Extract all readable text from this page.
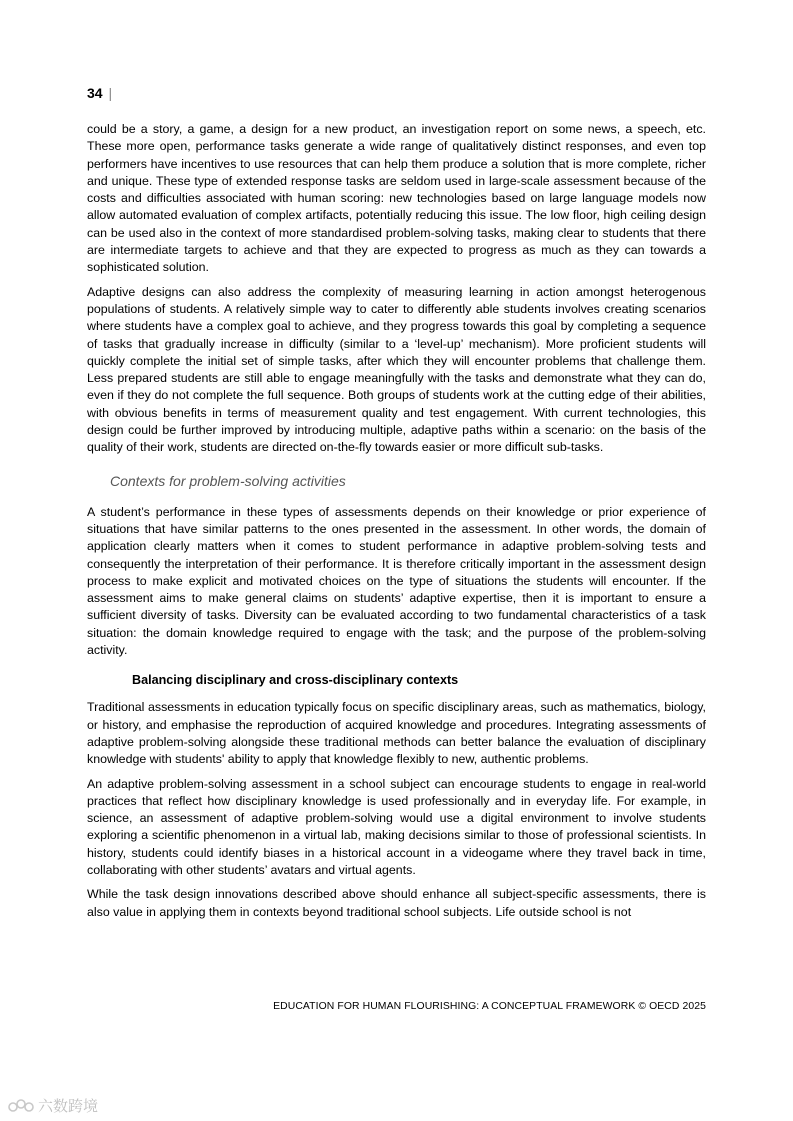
34 |

could be a story, a game, a design for a new product, an investigation report on some news, a speech, etc. These more open, performance tasks generate a wide range of qualitatively distinct responses, and even top performers have incentives to use resources that can help them produce a solution that is more complete, richer and unique. These type of extended response tasks are seldom used in large-scale assessment because of the costs and difficulties associated with human scoring: new technologies based on large language models now allow automated evaluation of complex artifacts, potentially reducing this issue. The low floor, high ceiling design can be used also in the context of more standardised problem-solving tasks, making clear to students that there are intermediate targets to achieve and that they are expected to progress as much as they can towards a sophisticated solution.

Adaptive designs can also address the complexity of measuring learning in action amongst heterogenous populations of students. A relatively simple way to cater to differently able students involves creating scenarios where students have a complex goal to achieve, and they progress towards this goal by completing a sequence of tasks that gradually increase in difficulty (similar to a ‘level-up’ mechanism). More proficient students will quickly complete the initial set of simple tasks, after which they will encounter problems that challenge them. Less prepared students are still able to engage meaningfully with the tasks and demonstrate what they can do, even if they do not complete the full sequence. Both groups of students work at the cutting edge of their abilities, with obvious benefits in terms of measurement quality and test engagement. With current technologies, this design could be further improved by introducing multiple, adaptive paths within a scenario: on the basis of the quality of their work, students are directed on-the-fly towards easier or more difficult sub-tasks.

Contexts for problem-solving activities

A student’s performance in these types of assessments depends on their knowledge or prior experience of situations that have similar patterns to the ones presented in the assessment. In other words, the domain of application clearly matters when it comes to student performance in adaptive problem-solving tests and consequently the interpretation of their performance. It is therefore critically important in the assessment design process to make explicit and motivated choices on the type of situations the students will encounter. If the assessment aims to make general claims on students’ adaptive expertise, then it is important to ensure a sufficient diversity of tasks. Diversity can be evaluated according to two fundamental characteristics of a task situation: the domain knowledge required to engage with the task; and the purpose of the problem-solving activity.

Balancing disciplinary and cross-disciplinary contexts

Traditional assessments in education typically focus on specific disciplinary areas, such as mathematics, biology, or history, and emphasise the reproduction of acquired knowledge and procedures. Integrating assessments of adaptive problem-solving alongside these traditional methods can better balance the evaluation of disciplinary knowledge with students' ability to apply that knowledge flexibly to new, authentic problems.

An adaptive problem-solving assessment in a school subject can encourage students to engage in real-world practices that reflect how disciplinary knowledge is used professionally and in everyday life. For example, in science, an assessment of adaptive problem-solving would use a digital environment to involve students exploring a scientific phenomenon in a virtual lab, making decisions similar to those of professional scientists. In history, students could identify biases in a historical account in a videogame where they travel back in time, collaborating with other students’ avatars and virtual agents.

While the task design innovations described above should enhance all subject-specific assessments, there is also value in applying them in contexts beyond traditional school subjects. Life outside school is not

EDUCATION FOR HUMAN FLOURISHING: A CONCEPTUAL FRAMEWORK © OECD 2025
六数跨境
